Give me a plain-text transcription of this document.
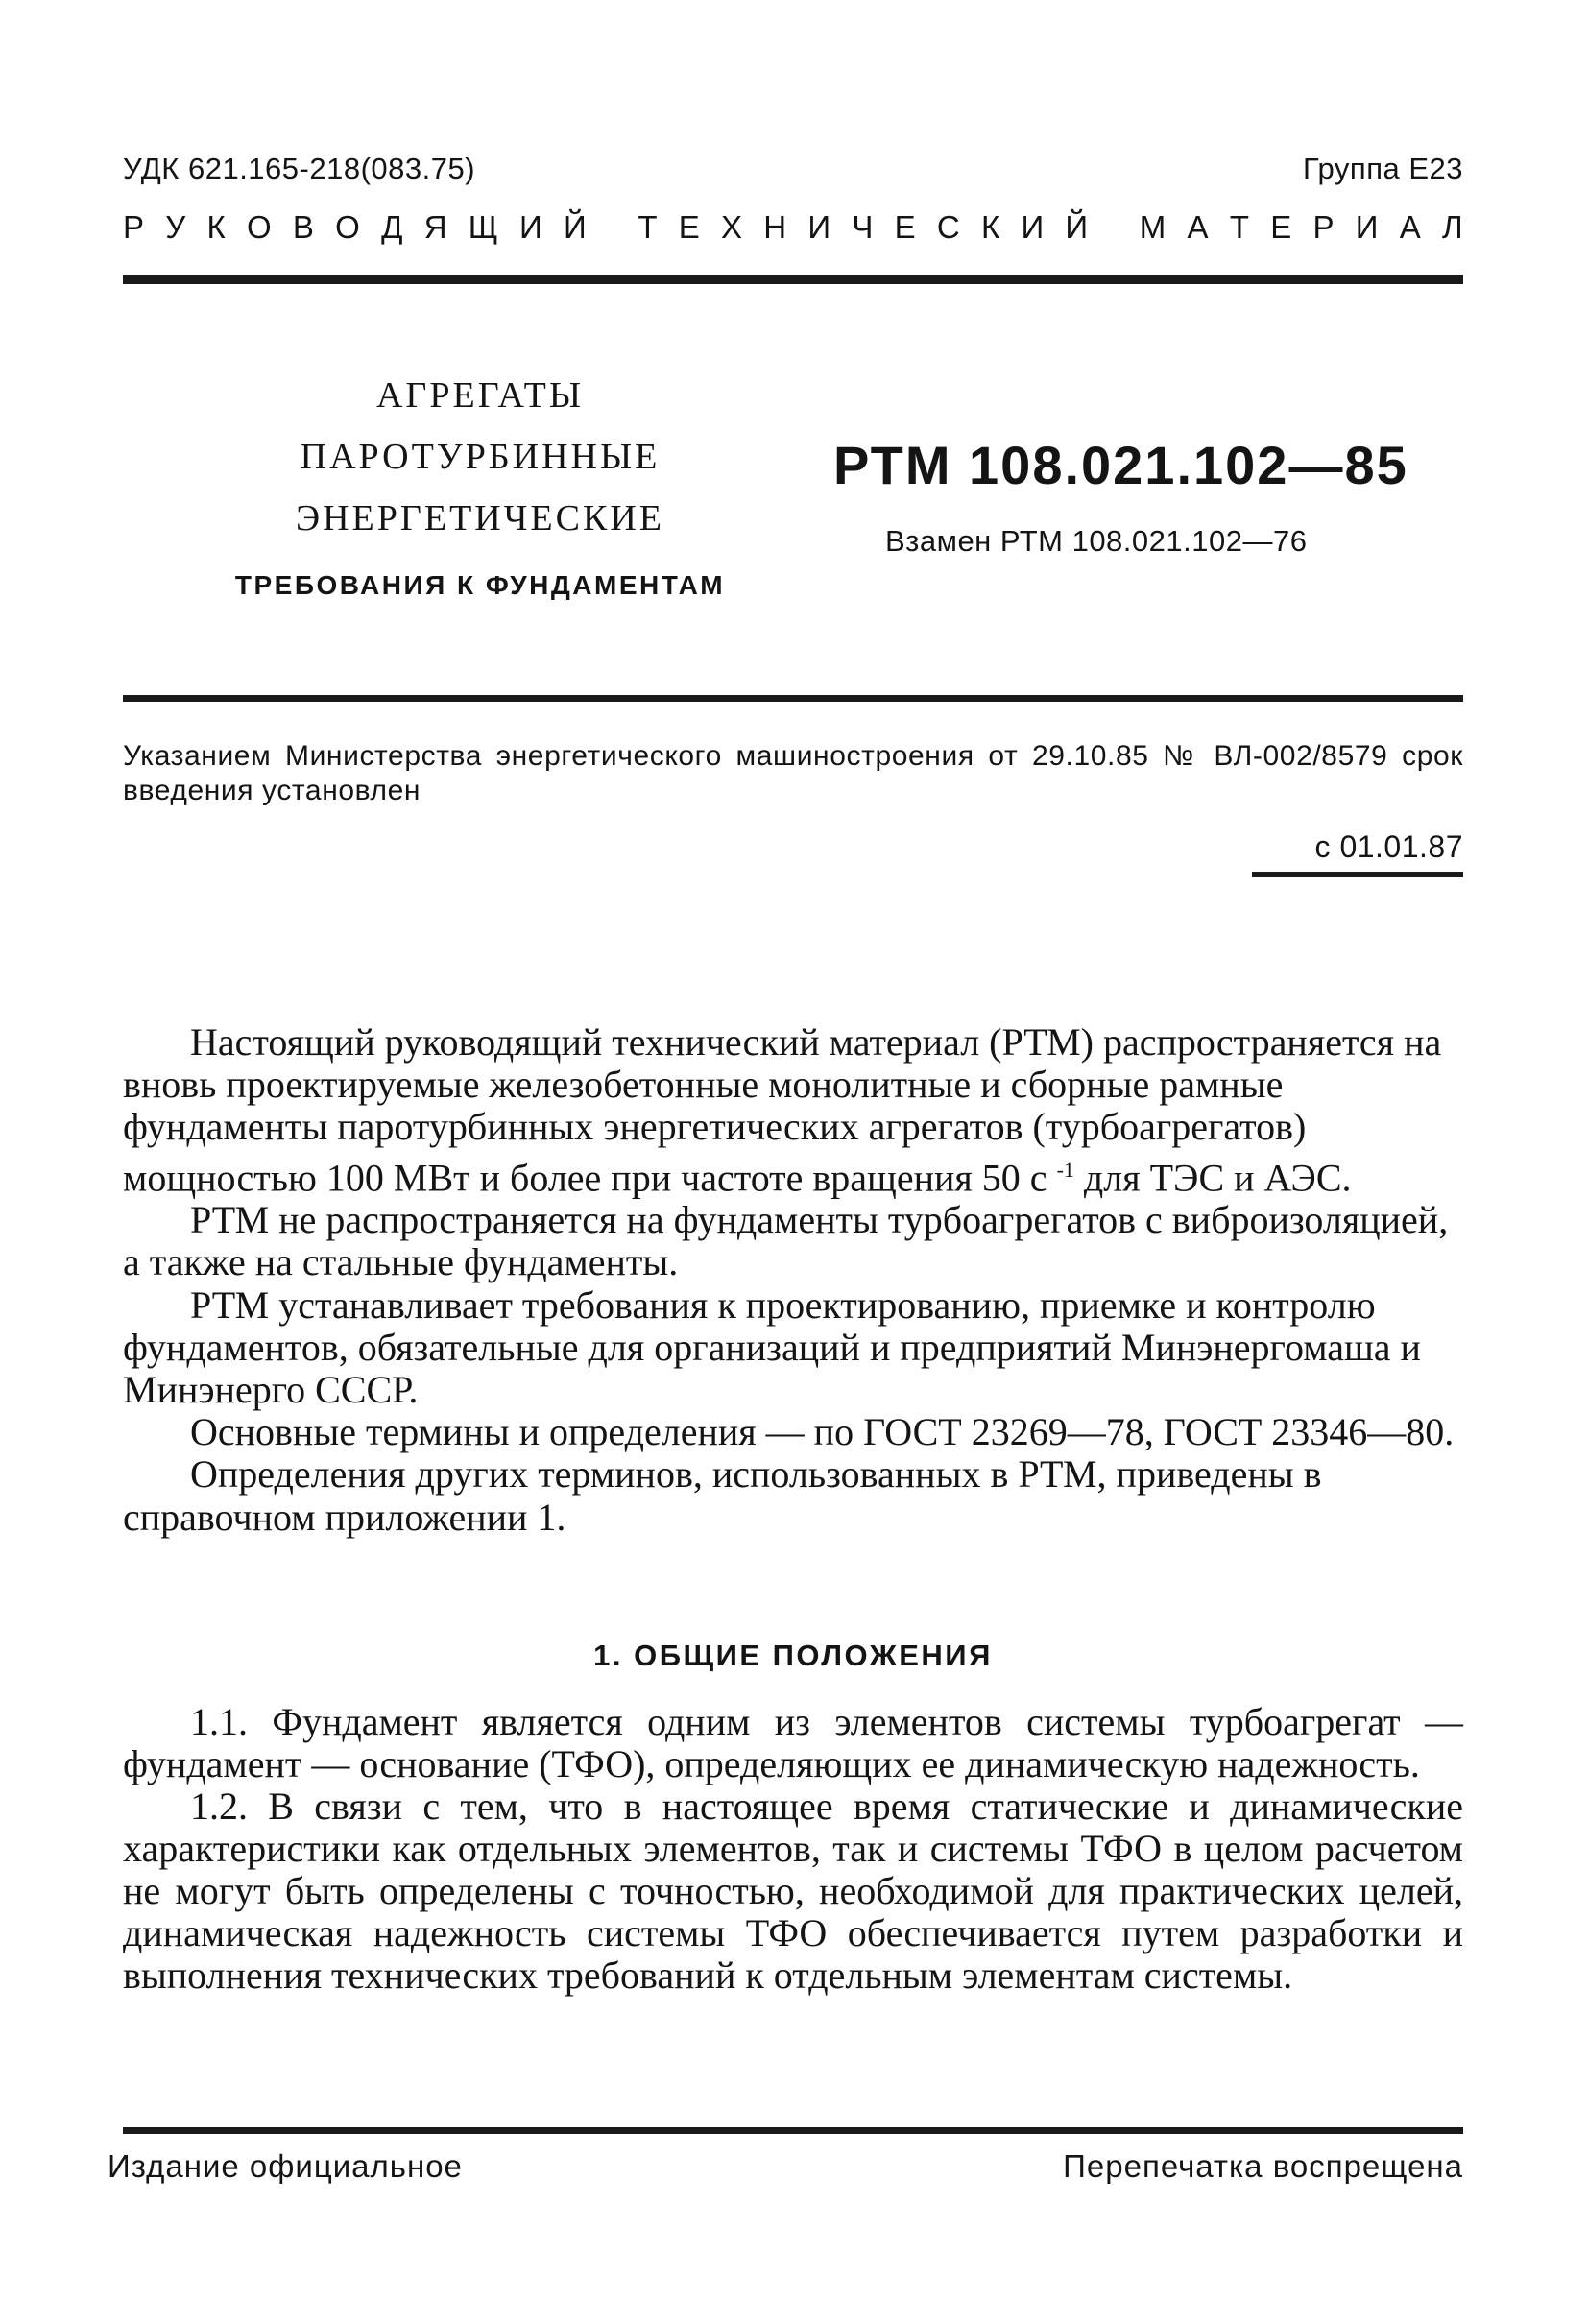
УДК 621.165-218(083.75)	Группа Е23
Р У К О В О Д Я Щ И Й
Т Е Х Н И Ч Е С К И Й
М А Т Е Р И А Л
АГРЕГАТЫ
ПАРОТУРБИННЫЕ
ЭНЕРГЕТИЧЕСКИЕ
ТРЕБОВАНИЯ К ФУНДАМЕНТАМ
РТМ 108.021.102—85
Взамен РТМ 108.021.102—76
Указанием Министерства энергетического машиностроения от 29.10.85 № ВЛ-002/8579 срок введения установлен
с 01.01.87

Настоящий руководящий технический материал (РТМ) распространяется на вновь проектируемые железобетонные монолитные и сборные рамные фундаменты паротурбинных энергетических агрегатов (турбоагрегатов) мощностью 100 МВт и более при частоте вращения 50 с $^{-1}$ для ТЭС и АЭС.

РТМ не распространяется на фундаменты турбоагрегатов с виброизоляцией, а также на стальные фундаменты.

РТМ устанавливает требования к проектированию, приемке и контролю фундаментов, обязательные для организаций и предприятий Минэнергомаша и Минэнерго СССР.

Основные термины и определения — по ГОСТ 23269—78, ГОСТ 23346—80.

Определения других терминов, использованных в РТМ, приведены в справочном приложении 1.

1. ОБЩИЕ ПОЛОЖЕНИЯ

1.1. Фундамент является одним из элементов системы турбоагрегат — фундамент — основание (ТФО), определяющих ее динамическую надежность.

1.2. В связи с тем, что в настоящее время статические и динамические характеристики как отдельных элементов, так и системы ТФО в целом расчетом не могут быть определены с точностью, необходимой для практических целей, динамическая надежность системы ТФО обеспечивается путем разработки и выполнения технических требований к отдельным элементам системы.

Издание официальное	Перепечатка воспрещена
